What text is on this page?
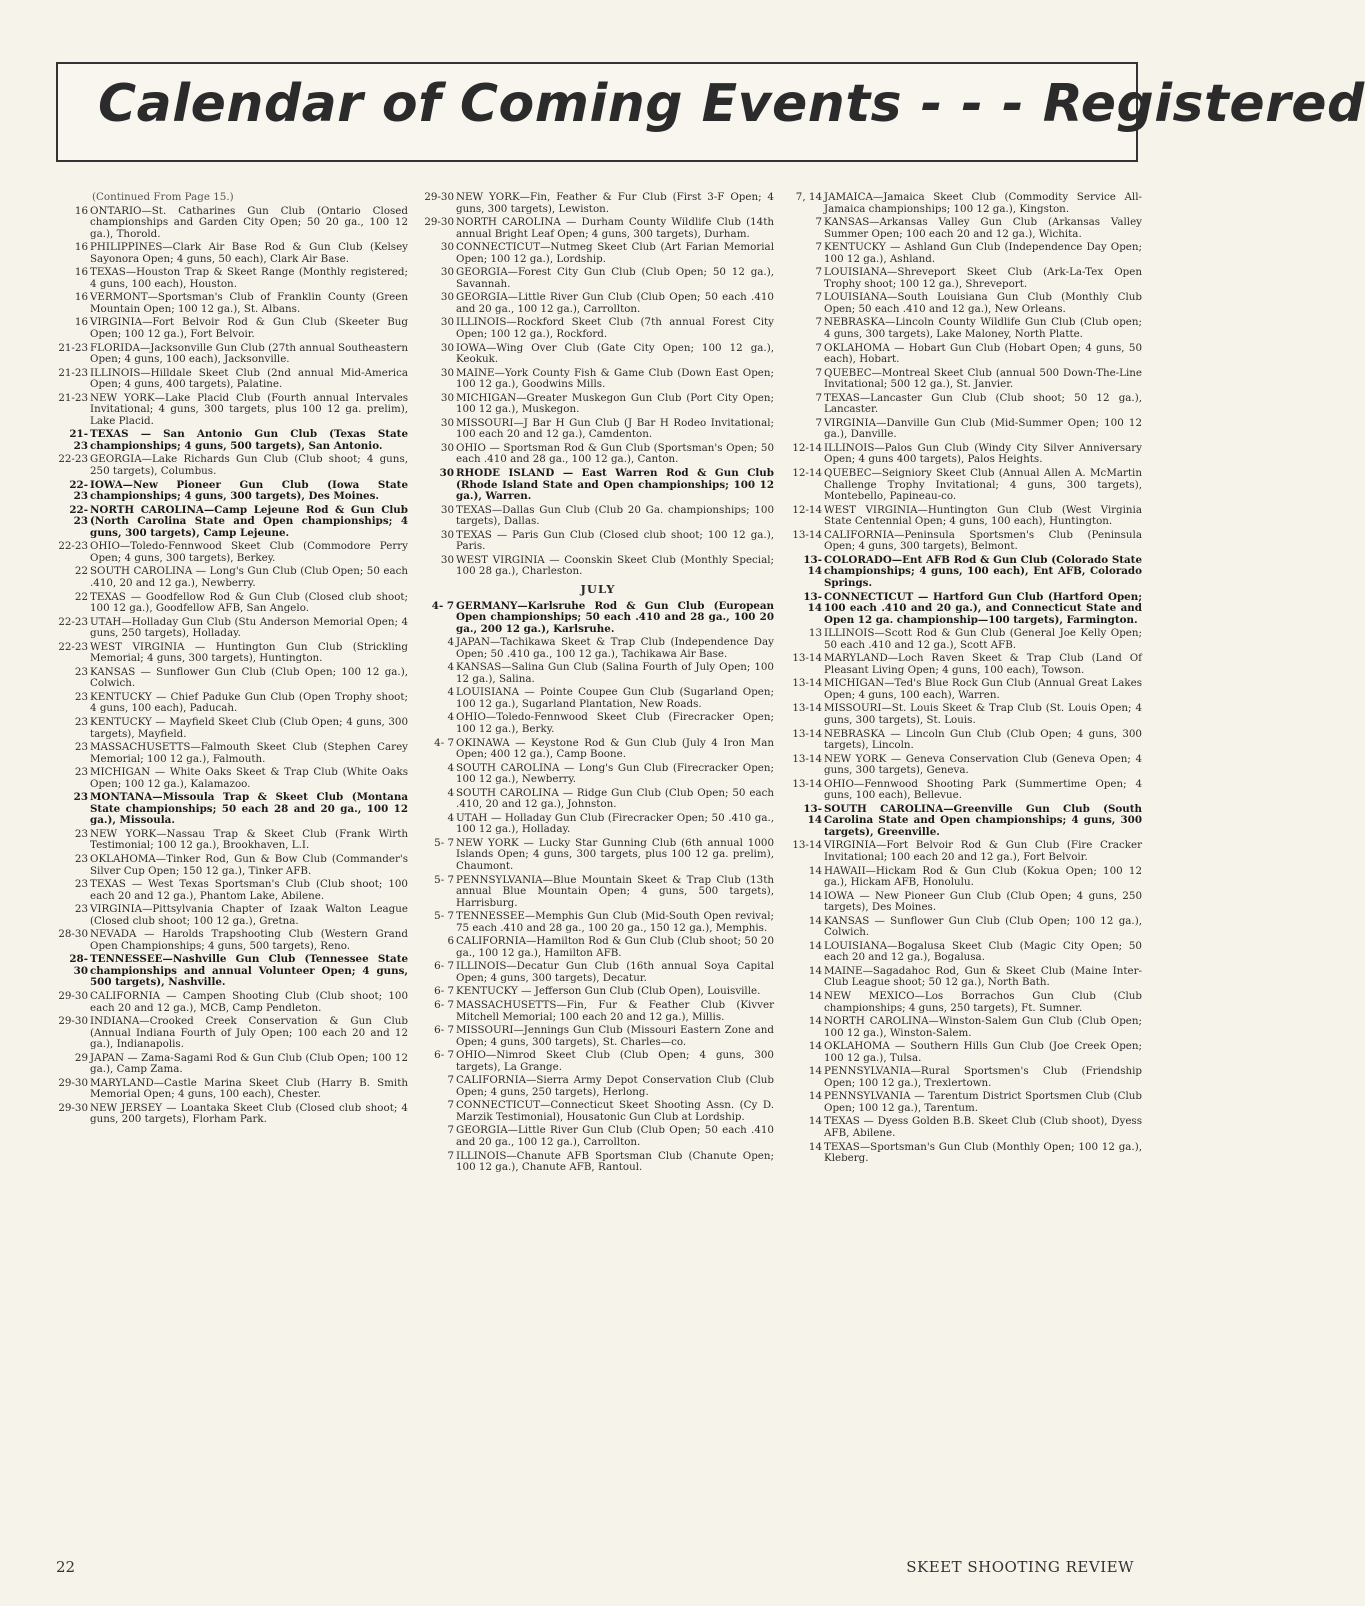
Calendar of Coming Events - - - Registered
(Continued From Page 15.)
16 ONTARIO—St. Catharines Gun Club (Ontario Closed championships and Garden City Open; 50 20 ga., 100 12 ga.), Thorold.
16 PHILIPPINES—Clark Air Base Rod & Gun Club (Kelsey Sayonora Open; 4 guns, 50 each), Clark Air Base.
16 TEXAS—Houston Trap & Skeet Range (Monthly registered; 4 guns, 100 each), Houston.
16 VERMONT—Sportsman's Club of Franklin County (Green Mountain Open; 100 12 ga.), St. Albans.
16 VIRGINIA—Fort Belvoir Rod & Gun Club (Skeeter Bug Open; 100 12 ga.), Fort Belvoir.
21-23 FLORIDA—Jacksonville Gun Club (27th annual Southeastern Open; 4 guns, 100 each), Jacksonville.
21-23 ILLINOIS—Hilldale Skeet Club (2nd annual Mid-America Open; 4 guns, 400 targets), Palatine.
21-23 NEW YORK—Lake Placid Club (Fourth annual Intervales Invitational; 4 guns, 300 targets, plus 100 12 ga. prelim), Lake Placid.
21-23
TEXAS — San Antonio Gun Club (Texas State championships; 4 guns, 500 targets), San Antonio.
22-23 GEORGIA—Lake Richards Gun Club (Club shoot; 4 guns, 250 targets), Columbus.
22-23
IOWA—New Pioneer Gun Club (Iowa State championships; 4 guns, 300 targets), Des Moines.
22-23
NORTH CAROLINA—Camp Lejeune Rod & Gun Club (North Carolina State and Open championships; 4 guns, 300 targets), Camp Lejeune.
22-23 OHIO—Toledo-Fennwood Skeet Club (Commodore Perry Open; 4 guns, 300 targets), Berkey.
22 SOUTH CAROLINA — Long's Gun Club (Club Open; 50 each .410, 20 and 12 ga.), Newberry.
22 TEXAS — Goodfellow Rod & Gun Club (Closed club shoot; 100 12 ga.), Goodfellow AFB, San Angelo.
22-23 UTAH—Holladay Gun Club (Stu Anderson Memorial Open; 4 guns, 250 targets), Holladay.
22-23 WEST VIRGINIA — Huntington Gun Club (Strickling Memorial; 4 guns, 300 targets), Huntington.
23 KANSAS — Sunflower Gun Club (Club Open; 100 12 ga.), Colwich.
23 KENTUCKY — Chief Paduke Gun Club (Open Trophy shoot; 4 guns, 100 each), Paducah.
23 KENTUCKY — Mayfield Skeet Club (Club Open; 4 guns, 300 targets), Mayfield.
23 MASSACHUSETTS—Falmouth Skeet Club (Stephen Carey Memorial; 100 12 ga.), Falmouth.
23 MICHIGAN — White Oaks Skeet & Trap Club (White Oaks Open; 100 12 ga.), Kalamazoo.
23 MONTANA—Missoula Trap & Skeet Club (Montana State championships; 50 each 28 and 20 ga., 100 12 ga.), Missoula.
23 NEW YORK—Nassau Trap & Skeet Club (Frank Wirth Testimonial; 100 12 ga.), Brookhaven, L.I.
23 OKLAHOMA—Tinker Rod, Gun & Bow Club (Commander's Silver Cup Open; 150 12 ga.), Tinker AFB.
23 TEXAS — West Texas Sportsman's Club (Club shoot; 100 each 20 and 12 ga.), Phantom Lake, Abilene.
23 VIRGINIA—Pittsylvania Chapter of Izaak Walton League (Closed club shoot; 100 12 ga.), Gretna.
28-30 NEVADA — Harolds Trapshooting Club (Western Grand Open Championships; 4 guns, 500 targets), Reno.
28-30
TENNESSEE—Nashville Gun Club (Tennessee State championships and annual Volunteer Open; 4 guns, 500 targets), Nashville.
29-30 CALIFORNIA — Campen Shooting Club (Club shoot; 100 each 20 and 12 ga.), MCB, Camp Pendleton.
29-30 INDIANA—Crooked Creek Conservation & Gun Club (Annual Indiana Fourth of July Open; 100 each 20 and 12 ga.), Indianapolis.
29 JAPAN — Zama-Sagami Rod & Gun Club (Club Open; 100 12 ga.), Camp Zama.
29-30 MARYLAND—Castle Marina Skeet Club (Harry B. Smith Memorial Open; 4 guns, 100 each), Chester.
29-30 NEW JERSEY — Loantaka Skeet Club (Closed club shoot; 4 guns, 200 targets), Florham Park.
29-30 NEW YORK—Fin, Feather & Fur Club (First 3-F Open; 4 guns, 300 targets), Lewiston.
29-30 NORTH CAROLINA — Durham County Wildlife Club (14th annual Bright Leaf Open; 4 guns, 300 targets), Durham.
30 CONNECTICUT—Nutmeg Skeet Club (Art Farian Memorial Open; 100 12 ga.), Lordship.
30 GEORGIA—Forest City Gun Club (Club Open; 50 12 ga.), Savannah.
30 GEORGIA—Little River Gun Club (Club Open; 50 each .410 and 20 ga., 100 12 ga.), Carrollton.
30 ILLINOIS—Rockford Skeet Club (7th annual Forest City Open; 100 12 ga.), Rockford.
30 IOWA—Wing Over Club (Gate City Open; 100 12 ga.), Keokuk.
30 MAINE—York County Fish & Game Club (Down East Open; 100 12 ga.), Goodwins Mills.
30 MICHIGAN—Greater Muskegon Gun Club (Port City Open; 100 12 ga.), Muskegon.
30 MISSOURI—J Bar H Gun Club (J Bar H Rodeo Invitational; 100 each 20 and 12 ga.), Camdenton.
30 OHIO — Sportsman Rod & Gun Club (Sportsman's Open; 50 each .410 and 28 ga., 100 12 ga.), Canton.
30 RHODE ISLAND — East Warren Rod & Gun Club (Rhode Island State and Open championships; 100 12 ga.), Warren.
30 TEXAS—Dallas Gun Club (Club 20 Ga. championships; 100 targets), Dallas.
30 TEXAS — Paris Gun Club (Closed club shoot; 100 12 ga.), Paris.
30 WEST VIRGINIA — Coonskin Skeet Club (Monthly Special; 100 28 ga.), Charleston.
JULY
4- 7 GERMANY—Karlsruhe Rod & Gun Club (European Open championships; 50 each .410 and 28 ga., 100 20 ga., 200 12 ga.), Karlsruhe.
4 JAPAN—Tachikawa Skeet & Trap Club (Independence Day Open; 50 .410 ga., 100 12 ga.), Tachikawa Air Base.
4 KANSAS—Salina Gun Club (Salina Fourth of July Open; 100 12 ga.), Salina.
4 LOUISIANA — Pointe Coupee Gun Club (Sugarland Open; 100 12 ga.), Sugarland Plantation, New Roads.
4 OHIO—Toledo-Fennwood Skeet Club (Firecracker Open; 100 12 ga.), Berky.
4- 7 OKINAWA — Keystone Rod & Gun Club (July 4 Iron Man Open; 400 12 ga.), Camp Boone.
4 SOUTH CAROLINA — Long's Gun Club (Firecracker Open; 100 12 ga.), Newberry.
4 SOUTH CAROLINA — Ridge Gun Club (Club Open; 50 each .410, 20 and 12 ga.), Johnston.
4 UTAH — Holladay Gun Club (Firecracker Open; 50 .410 ga., 100 12 ga.), Holladay.
5- 7 NEW YORK — Lucky Star Gunning Club (6th annual 1000 Islands Open; 4 guns, 300 targets, plus 100 12 ga. prelim), Chaumont.
5- 7 PENNSYLVANIA—Blue Mountain Skeet & Trap Club (13th annual Blue Mountain Open; 4 guns, 500 targets), Harrisburg.
5- 7 TENNESSEE—Memphis Gun Club (Mid-South Open revival; 75 each .410 and 28 ga., 100 20 ga., 150 12 ga.), Memphis.
6 CALIFORNIA—Hamilton Rod & Gun Club (Club shoot; 50 20 ga., 100 12 ga.), Hamilton AFB.
6- 7 ILLINOIS—Decatur Gun Club (16th annual Soya Capital Open; 4 guns, 300 targets), Decatur.
6- 7 KENTUCKY — Jefferson Gun Club (Club Open), Louisville.
6- 7 MASSACHUSETTS—Fin, Fur & Feather Club (Kivver Mitchell Memorial; 100 each 20 and 12 ga.), Millis.
6- 7 MISSOURI—Jennings Gun Club (Missouri Eastern Zone and Open; 4 guns, 300 targets), St. Charles—co.
6- 7 OHIO—Nimrod Skeet Club (Club Open; 4 guns, 300 targets), La Grange.
7 CALIFORNIA—Sierra Army Depot Conservation Club (Club Open; 4 guns, 250 targets), Herlong.
7 CONNECTICUT—Connecticut Skeet Shooting Assn. (Cy D. Marzik Testimonial), Housatonic Gun Club at Lordship.
7 GEORGIA—Little River Gun Club (Club Open; 50 each .410 and 20 ga., 100 12 ga.), Carrollton.
7 ILLINOIS—Chanute AFB Sportsman Club (Chanute Open; 100 12 ga.), Chanute AFB, Rantoul.
7, 14 JAMAICA—Jamaica Skeet Club (Commodity Service All-Jamaica championships; 100 12 ga.), Kingston.
7 KANSAS—Arkansas Valley Gun Club (Arkansas Valley Summer Open; 100 each 20 and 12 ga.), Wichita.
7 KENTUCKY — Ashland Gun Club (Independence Day Open; 100 12 ga.), Ashland.
7 LOUISIANA—Shreveport Skeet Club (Ark-La-Tex Open Trophy shoot; 100 12 ga.), Shreveport.
7 LOUISIANA—South Louisiana Gun Club (Monthly Club Open; 50 each .410 and 12 ga.), New Orleans.
7 NEBRASKA—Lincoln County Wildlife Gun Club (Club open; 4 guns, 300 targets), Lake Maloney, North Platte.
7 OKLAHOMA — Hobart Gun Club (Hobart Open; 4 guns, 50 each), Hobart.
7 QUEBEC—Montreal Skeet Club (annual 500 Down-The-Line Invitational; 500 12 ga.), St. Janvier.
7 TEXAS—Lancaster Gun Club (Club shoot; 50 12 ga.), Lancaster.
7 VIRGINIA—Danville Gun Club (Mid-Summer Open; 100 12 ga.), Danville.
12-14 ILLINOIS—Palos Gun Club (Windy City Silver Anniversary Open; 4 guns 400 targets), Palos Heights.
12-14 QUEBEC—Seigniory Skeet Club (Annual Allen A. McMartin Challenge Trophy Invitational; 4 guns, 300 targets), Montebello, Papineau-co.
12-14 WEST VIRGINIA—Huntington Gun Club (West Virginia State Centennial Open; 4 guns, 100 each), Huntington.
13-14 CALIFORNIA—Peninsula Sportsmen's Club (Peninsula Open; 4 guns, 300 targets), Belmont.
13-14
COLORADO—Ent AFB Rod & Gun Club (Colorado State championships; 4 guns, 100 each), Ent AFB, Colorado Springs.
13-14
CONNECTICUT — Hartford Gun Club (Hartford Open; 100 each .410 and 20 ga.), and Connecticut State and Open 12 ga. championship—100 targets), Farmington.
13 ILLINOIS—Scott Rod & Gun Club (General Joe Kelly Open; 50 each .410 and 12 ga.), Scott AFB.
13-14 MARYLAND—Loch Raven Skeet & Trap Club (Land Of Pleasant Living Open; 4 guns, 100 each), Towson.
13-14 MICHIGAN—Ted's Blue Rock Gun Club (Annual Great Lakes Open; 4 guns, 100 each), Warren.
13-14 MISSOURI—St. Louis Skeet & Trap Club (St. Louis Open; 4 guns, 300 targets), St. Louis.
13-14 NEBRASKA — Lincoln Gun Club (Club Open; 4 guns, 300 targets), Lincoln.
13-14 NEW YORK — Geneva Conservation Club (Geneva Open; 4 guns, 300 targets), Geneva.
13-14 OHIO—Fennwood Shooting Park (Summertime Open; 4 guns, 100 each), Bellevue.
13-14
SOUTH CAROLINA—Greenville Gun Club (South Carolina State and Open championships; 4 guns, 300 targets), Greenville.
13-14 VIRGINIA—Fort Belvoir Rod & Gun Club (Fire Cracker Invitational; 100 each 20 and 12 ga.), Fort Belvoir.
14 HAWAII—Hickam Rod & Gun Club (Kokua Open; 100 12 ga.), Hickam AFB, Honolulu.
14 IOWA — New Pioneer Gun Club (Club Open; 4 guns, 250 targets), Des Moines.
14 KANSAS — Sunflower Gun Club (Club Open; 100 12 ga.), Colwich.
14 LOUISIANA—Bogalusa Skeet Club (Magic City Open; 50 each 20 and 12 ga.), Bogalusa.
14 MAINE—Sagadahoc Rod, Gun & Skeet Club (Maine Inter-Club League shoot; 50 12 ga.), North Bath.
14 NEW MEXICO—Los Borrachos Gun Club (Club championships; 4 guns, 250 targets), Ft. Sumner.
14 NORTH CAROLINA—Winston-Salem Gun Club (Club Open; 100 12 ga.), Winston-Salem.
14 OKLAHOMA — Southern Hills Gun Club (Joe Creek Open; 100 12 ga.), Tulsa.
14 PENNSYLVANIA—Rural Sportsmen's Club (Friendship Open; 100 12 ga.), Trexlertown.
14 PENNSYLVANIA — Tarentum District Sportsmen Club (Club Open; 100 12 ga.), Tarentum.
14 TEXAS — Dyess Golden B.B. Skeet Club (Club shoot), Dyess AFB, Abilene.
14 TEXAS—Sportsman's Gun Club (Monthly Open; 100 12 ga.), Kleberg.
22	SKEET SHOOTING REVIEW
